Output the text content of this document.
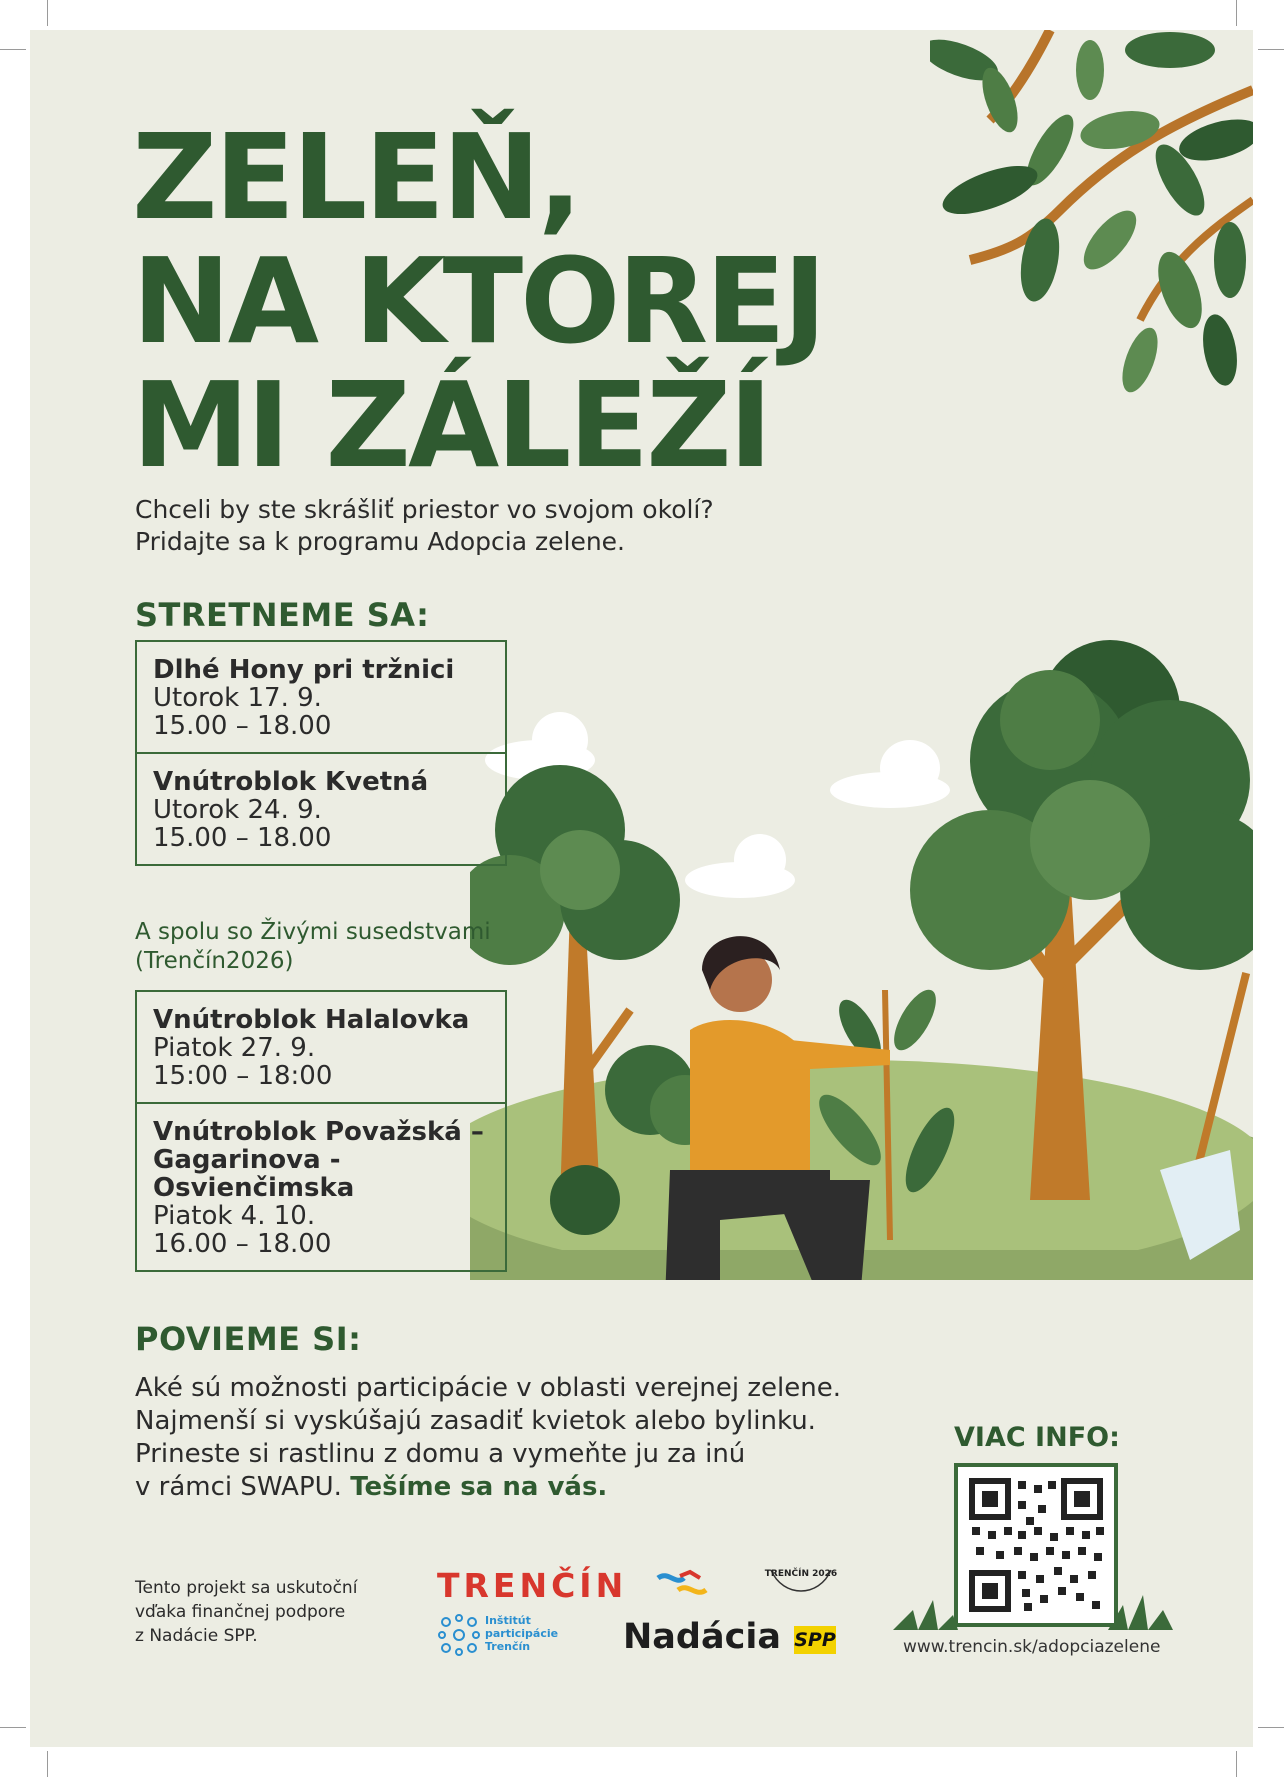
ZELEŇ,
NA KTOREJ
MI ZÁLEŽÍ
Chceli by ste skrášliť priestor vo svojom okolí?
Pridajte sa k programu Adopcia zelene.
STRETNEME SA:
Dlhé Hony pri tržnici
Utorok 17. 9.
15.00 – 18.00
Vnútroblok Kvetná
Utorok 24. 9.
15.00 – 18.00
A spolu so Živými susedstvami
(Trenčín2026)
Vnútroblok Halalovka
Piatok 27. 9.
15:00 – 18:00
Vnútroblok Považská –
Gagarinova -
Osvienčimska
Piatok 4. 10.
16.00 – 18.00
POVIEME SI:
Aké sú možnosti participácie v oblasti verejnej zelene.
Najmenší si vyskúšajú zasadiť kvietok alebo bylinku.
Prineste si rastlinu z domu a vymeňte ju za inú
v rámci SWAPU. Tešíme sa na vás.
VIAC INFO:
www.trencin.sk/adopciazelene
Tento projekt sa uskutoční
vďaka finančnej podpore
z Nadácie SPP.
TRENČÍN
Inštitút
participácie
Trenčín	Nadácia SPP
TRENČÍN 2026
